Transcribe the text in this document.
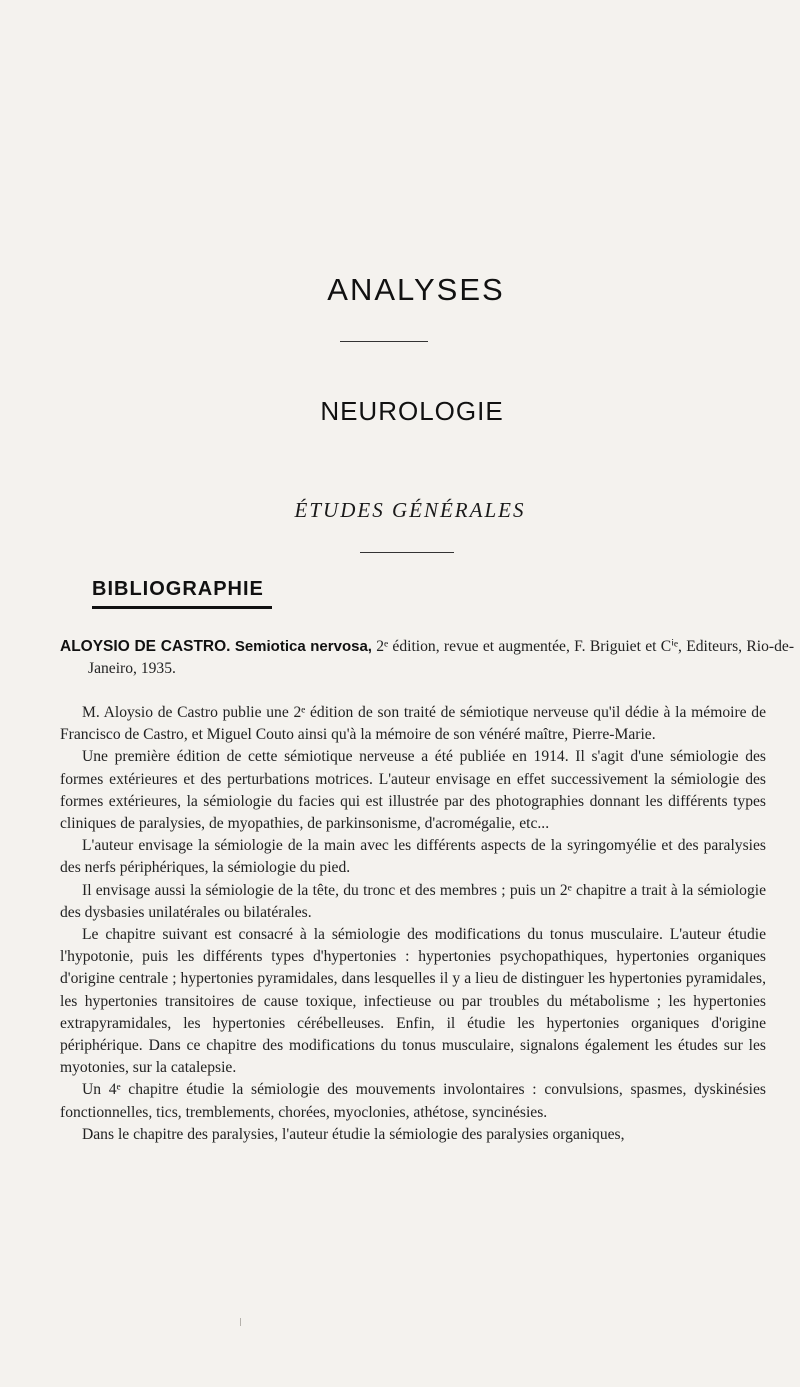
ANALYSES
NEUROLOGIE
ÉTUDES GÉNÉRALES
BIBLIOGRAPHIE
ALOYSIO DE CASTRO. Semiotica nervosa, 2ᵉ édition, revue et augmentée, F. Briguiet et Cⁱᵉ, Editeurs, Rio-de-Janeiro, 1935.

M. Aloysio de Castro publie une 2ᵉ édition de son traité de sémiotique nerveuse qu'il dédie à la mémoire de Francisco de Castro, et Miguel Couto ainsi qu'à la mémoire de son vénéré maître, Pierre-Marie.

Une première édition de cette sémiotique nerveuse a été publiée en 1914. Il s'agit d'une sémiologie des formes extérieures et des perturbations motrices. L'auteur envisage en effet successivement la sémiologie des formes extérieures, la sémiologie du facies qui est illustrée par des photographies donnant les différents types cliniques de paralysies, de myopathies, de parkinsonisme, d'acromégalie, etc...

L'auteur envisage la sémiologie de la main avec les différents aspects de la syringomyélie et des paralysies des nerfs périphériques, la sémiologie du pied.

Il envisage aussi la sémiologie de la tête, du tronc et des membres ; puis un 2ᵉ chapitre a trait à la sémiologie des dysbasies unilatérales ou bilatérales.

Le chapitre suivant est consacré à la sémiologie des modifications du tonus musculaire. L'auteur étudie l'hypotonie, puis les différents types d'hypertonies : hypertonies psychopathiques, hypertonies organiques d'origine centrale ; hypertonies pyramidales, dans lesquelles il y a lieu de distinguer les hypertonies pyramidales, les hypertonies transitoires de cause toxique, infectieuse ou par troubles du métabolisme ; les hypertonies extrapyramidales, les hypertonies cérébelleuses. Enfin, il étudie les hypertonies organiques d'origine périphérique. Dans ce chapitre des modifications du tonus musculaire, signalons également les études sur les myotonies, sur la catalepsie.

Un 4ᵉ chapitre étudie la sémiologie des mouvements involontaires : convulsions, spasmes, dyskinésies fonctionnelles, tics, tremblements, chorées, myoclonies, athétose, syncinésies.

Dans le chapitre des paralysies, l'auteur étudie la sémiologie des paralysies organiques,
